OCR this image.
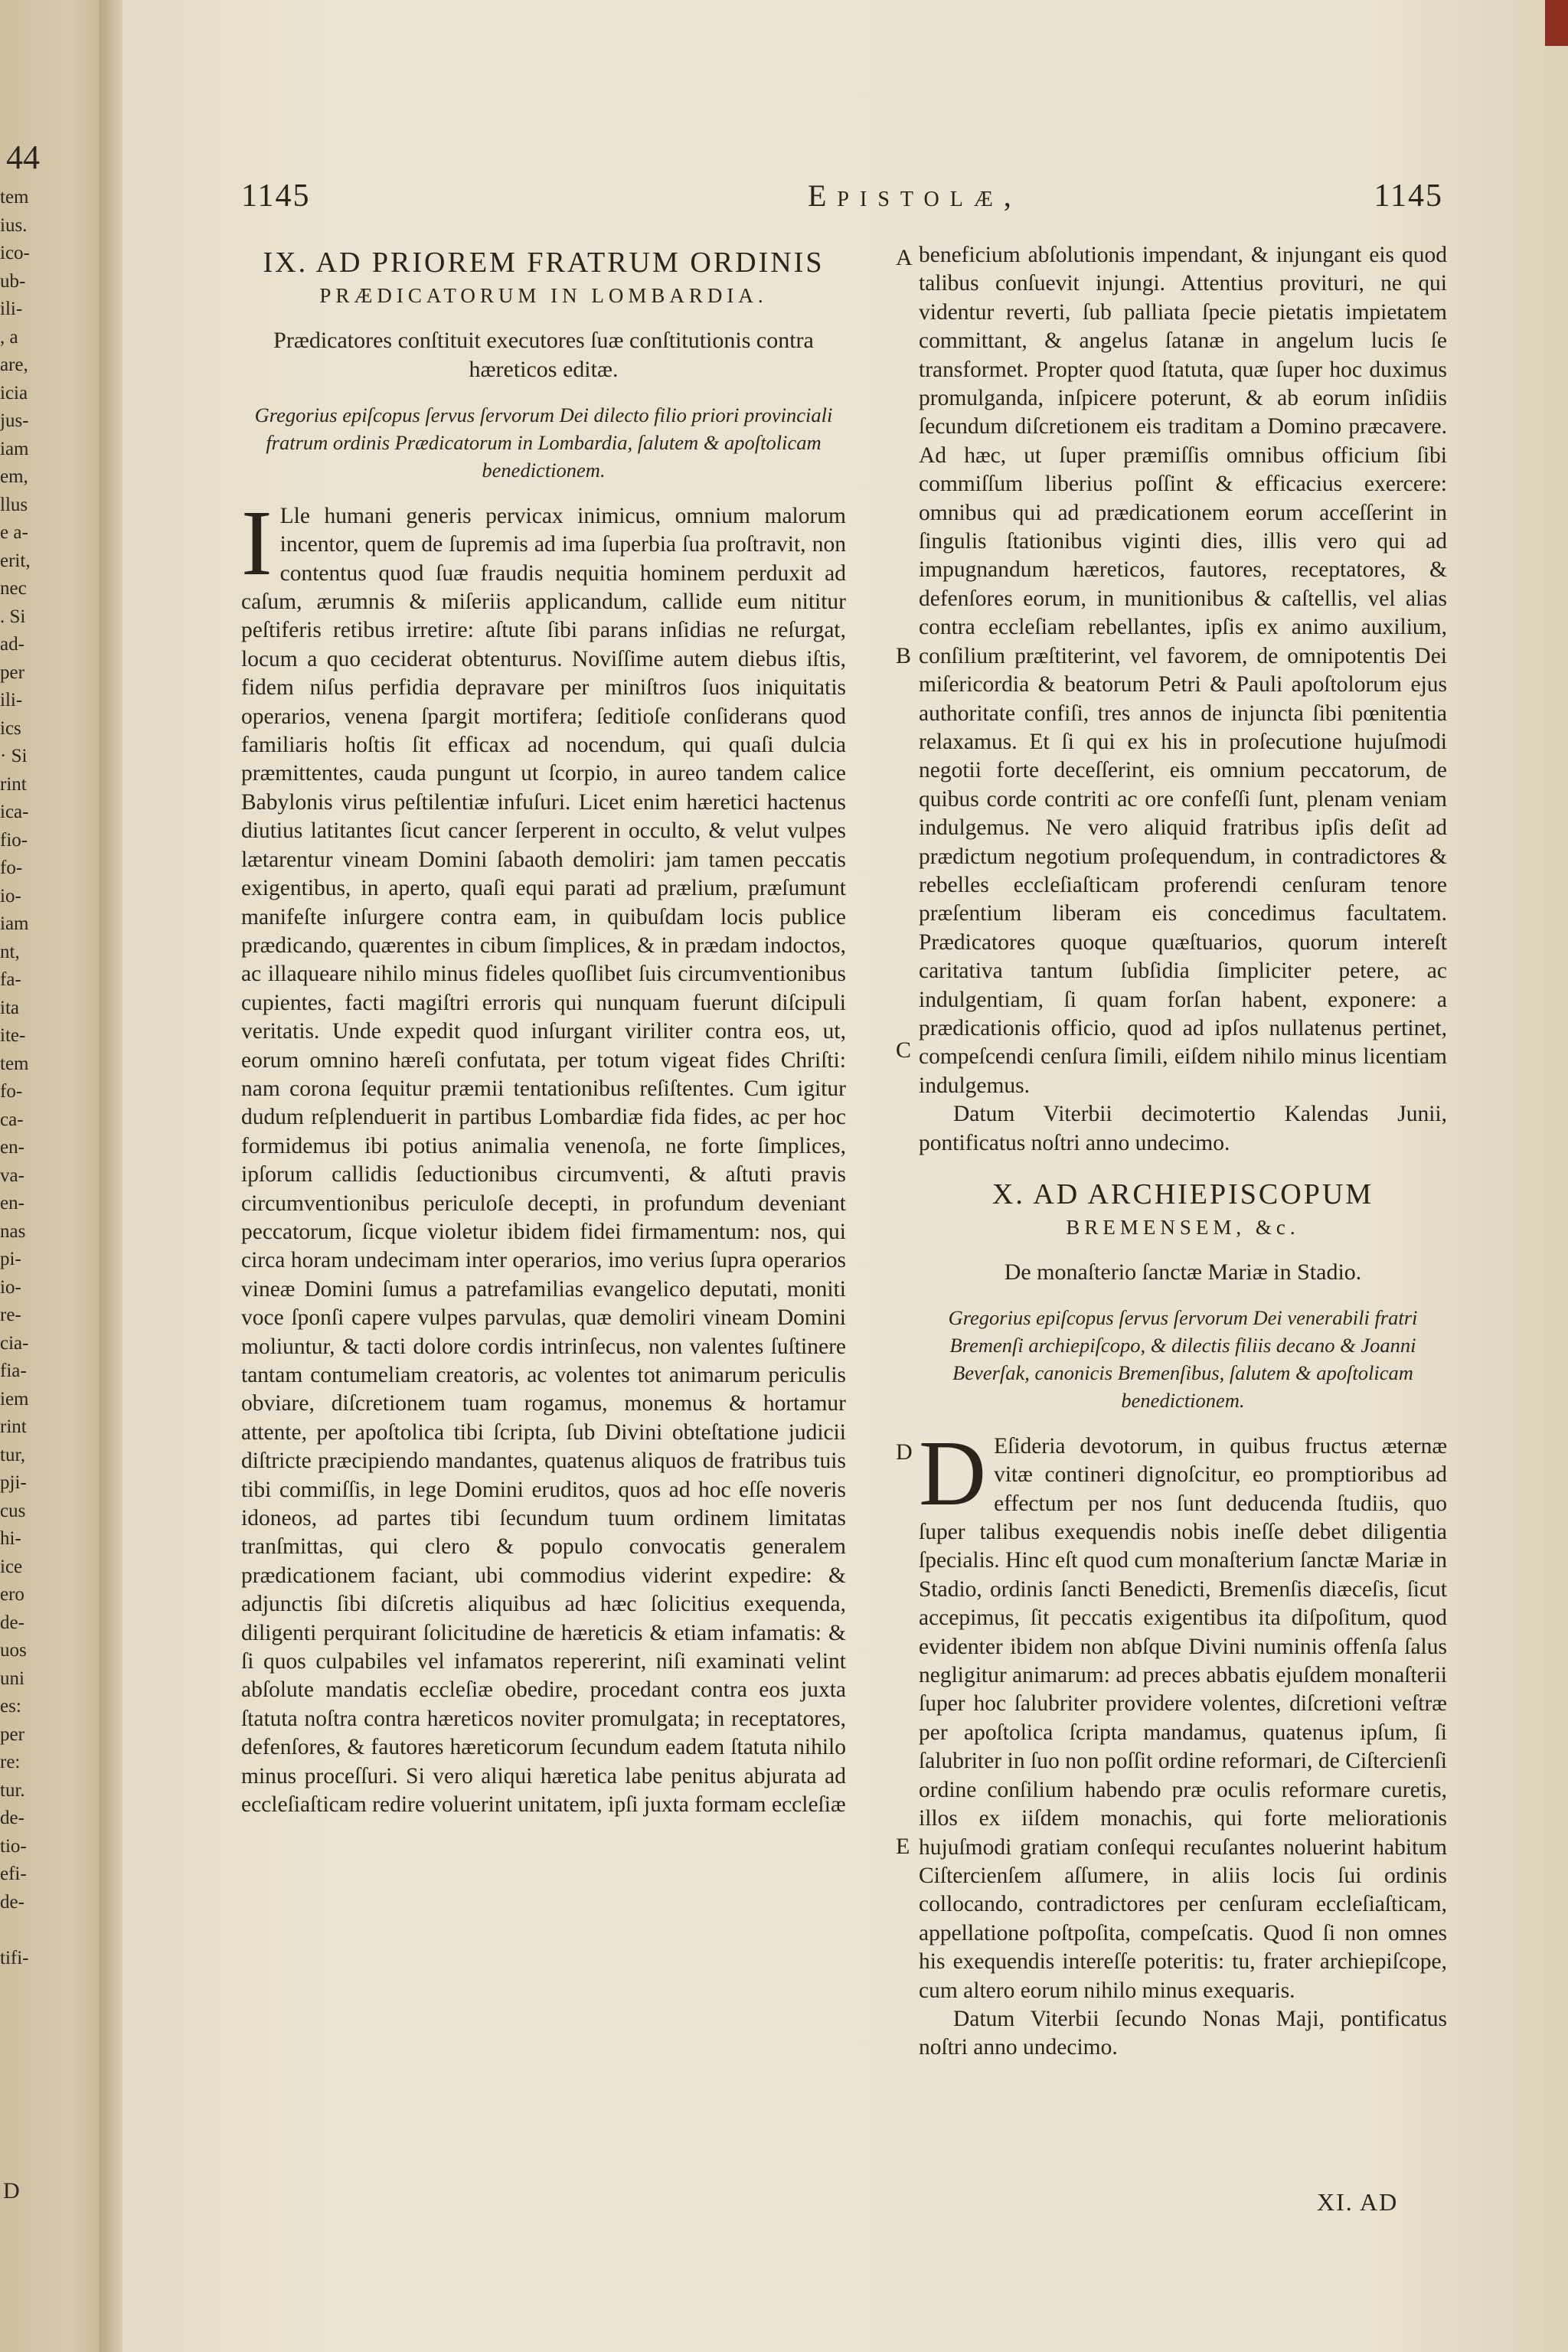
44
tem
ius.
ico-
ub-
ili-
, a
are,
icia
jus-
iam
em,
llus
e a-
erit,
nec
. Si
ad-
per
ili-
ics
· Si
rint
ica-
fio-
fo-
io-
iam
nt,
fa-
ita
ite-
tem
fo-
ca-
en-
va-
en-
nas
pi-
io-
re-
cia-
fia-
iem
rint
tur,
pji-
cus
hi-
ice
ero
de-
uos
uni
es:
per
re:
tur.
de-
tio-
efi-
de-
tifi-
D
1145	Epistolæ,	1145
IX. AD PRIOREM FRATRUM ORDINIS
PRÆDICATORUM IN LOMBARDIA.
Prædicatores conſtituit executores ſuæ conſtitutionis contra hæreticos editæ.
Gregorius epiſcopus ſervus ſervorum Dei dilecto filio priori provinciali fratrum ordinis Prædicatorum in Lombardia, ſalutem & apoſtolicam benedictionem.
I Lle humani generis pervicax inimicus, omnium malorum incentor, quem de ſupremis ad ima ſuperbia ſua proſtravit, non contentus quod ſuæ fraudis nequitia hominem perduxit ad caſum, ærumnis & miſeriis applicandum, callide eum nititur peſtiferis retibus irretire: aſtute ſibi parans inſidias ne reſurgat, locum a quo ceciderat obtenturus. Noviſſime autem diebus iſtis, fidem niſus perfidia depravare per miniſtros ſuos iniquitatis operarios, venena ſpargit mortifera; ſeditioſe conſiderans quod familiaris hoſtis ſit efficax ad nocendum, qui quaſi dulcia præmittentes, cauda pungunt ut ſcorpio, in aureo tandem calice Babylonis virus peſtilentiæ infuſuri. Licet enim hæretici hactenus diutius latitantes ſicut cancer ſerperent in occulto, & velut vulpes lætarentur vineam Domini ſabaoth demoliri: jam tamen peccatis exigentibus, in aperto, quaſi equi parati ad prælium, præſumunt manifeſte inſurgere contra eam, in quibuſdam locis publice prædicando, quærentes in cibum ſimplices, & in prædam indoctos, ac illaqueare nihilo minus fideles quoſlibet ſuis circumventionibus cupientes, facti magiſtri erroris qui nunquam fuerunt diſcipuli veritatis. Unde expedit quod inſurgant viriliter contra eos, ut, eorum omnino hæreſi confutata, per totum vigeat fides Chriſti: nam corona ſequitur præmii tentationibus reſiſtentes. Cum igitur dudum reſplenduerit in partibus Lombardiæ fida fides, ac per hoc formidemus ibi potius animalia venenoſa, ne forte ſimplices, ipſorum callidis ſeductionibus circumventi, & aſtuti pravis circumventionibus periculoſe decepti, in profundum deveniant peccatorum, ſicque violetur ibidem fidei firmamentum: nos, qui circa horam undecimam inter operarios, imo verius ſupra operarios vineæ Domini ſumus a patrefamilias evangelico deputati, moniti voce ſponſi capere vulpes parvulas, quæ demoliri vineam Domini moliuntur, & tacti dolore cordis intrinſecus, non valentes ſuſtinere tantam contumeliam creatoris, ac volentes tot animarum periculis obviare, diſcretionem tuam rogamus, monemus & hortamur attente, per apoſtolica tibi ſcripta, ſub Divini obteſtatione judicii diſtricte præcipiendo mandantes, quatenus aliquos de fratribus tuis tibi commiſſis, in lege Domini eruditos, quos ad hoc eſſe noveris idoneos, ad partes tibi ſecundum tuum ordinem limitatas tranſmittas, qui clero & populo convocatis generalem prædicationem faciant, ubi commodius viderint expedire: & adjunctis ſibi diſcretis aliquibus ad hæc ſolicitius exequenda, diligenti perquirant ſolicitudine de hæreticis & etiam infamatis: & ſi quos culpabiles vel infamatos repererint, niſi examinati velint abſolute mandatis eccleſiæ obedire, procedant contra eos juxta ſtatuta noſtra contra hæreticos noviter promulgata; in receptatores, defenſores, & fautores hæreticorum ſecundum eadem ſtatuta nihilo minus proceſſuri. Si vero aliqui hæretica labe penitus abjurata ad eccleſiaſticam redire voluerint unitatem, ipſi juxta formam eccleſiæ
A
B
C
D
E
beneficium abſolutionis impendant, & injungant eis quod talibus conſuevit injungi. Attentius provituri, ne qui videntur reverti, ſub palliata ſpecie pietatis impietatem committant, & angelus ſatanæ in angelum lucis ſe transformet. Propter quod ſtatuta, quæ ſuper hoc duximus promulganda, inſpicere poterunt, & ab eorum inſidiis ſecundum diſcretionem eis traditam a Domino præcavere. Ad hæc, ut ſuper præmiſſis omnibus officium ſibi commiſſum liberius poſſint & efficacius exercere: omnibus qui ad prædicationem eorum acceſſerint in ſingulis ſtationibus viginti dies, illis vero qui ad impugnandum hæreticos, fautores, receptatores, & defenſores eorum, in munitionibus & caſtellis, vel alias contra eccleſiam rebellantes, ipſis ex animo auxilium, conſilium præſtiterint, vel favorem, de omnipotentis Dei miſericordia & beatorum Petri & Pauli apoſtolorum ejus authoritate confiſi, tres annos de injuncta ſibi pœnitentia relaxamus. Et ſi qui ex his in proſecutione hujuſmodi negotii forte deceſſerint, eis omnium peccatorum, de quibus corde contriti ac ore confeſſi ſunt, plenam veniam indulgemus. Ne vero aliquid fratribus ipſis deſit ad prædictum negotium proſequendum, in contradictores & rebelles eccleſiaſticam proferendi cenſuram tenore præſentium liberam eis concedimus facultatem. Prædicatores quoque quæſtuarios, quorum intereſt caritativa tantum ſubſidia ſimpliciter petere, ac indulgentiam, ſi quam forſan habent, exponere: a prædicationis officio, quod ad ipſos nullatenus pertinet, compeſcendi cenſura ſimili, eiſdem nihilo minus licentiam indulgemus.
Datum Viterbii decimotertio Kalendas Junii, pontificatus noſtri anno undecimo.
X. AD ARCHIEPISCOPUM
BREMENSEM, &c.
De monaſterio ſanctæ Mariæ in Stadio.
Gregorius epiſcopus ſervus ſervorum Dei venerabili fratri Bremenſi archiepiſcopo, & dilectis filiis decano & Joanni Beverſak, canonicis Bremenſibus, ſalutem & apoſtolicam benedictionem.
D Eſideria devotorum, in quibus fructus æternæ vitæ contineri dignoſcitur, eo promptioribus ad effectum per nos ſunt deducenda ſtudiis, quo ſuper talibus exequendis nobis ineſſe debet diligentia ſpecialis. Hinc eſt quod cum monaſterium ſanctæ Mariæ in Stadio, ordinis ſancti Benedicti, Bremenſis diæceſis, ſicut accepimus, ſit peccatis exigentibus ita diſpoſitum, quod evidenter ibidem non abſque Divini numinis offenſa ſalus negligitur animarum: ad preces abbatis ejuſdem monaſterii ſuper hoc ſalubriter providere volentes, diſcretioni veſtræ per apoſtolica ſcripta mandamus, quatenus ipſum, ſi ſalubriter in ſuo non poſſit ordine reformari, de Ciſtercienſi ordine conſilium habendo præ oculis reformare curetis, illos ex iiſdem monachis, qui forte meliorationis hujuſmodi gratiam conſequi recuſantes noluerint habitum Ciſtercienſem aſſumere, in aliis locis ſui ordinis collocando, contradictores per cenſuram eccleſiaſticam, appellatione poſtpoſita, compeſcatis. Quod ſi non omnes his exequendis intereſſe poteritis: tu, frater archiepiſcope, cum altero eorum nihilo minus exequaris.
Datum Viterbii ſecundo Nonas Maji, pontificatus noſtri anno undecimo.
XI. AD
